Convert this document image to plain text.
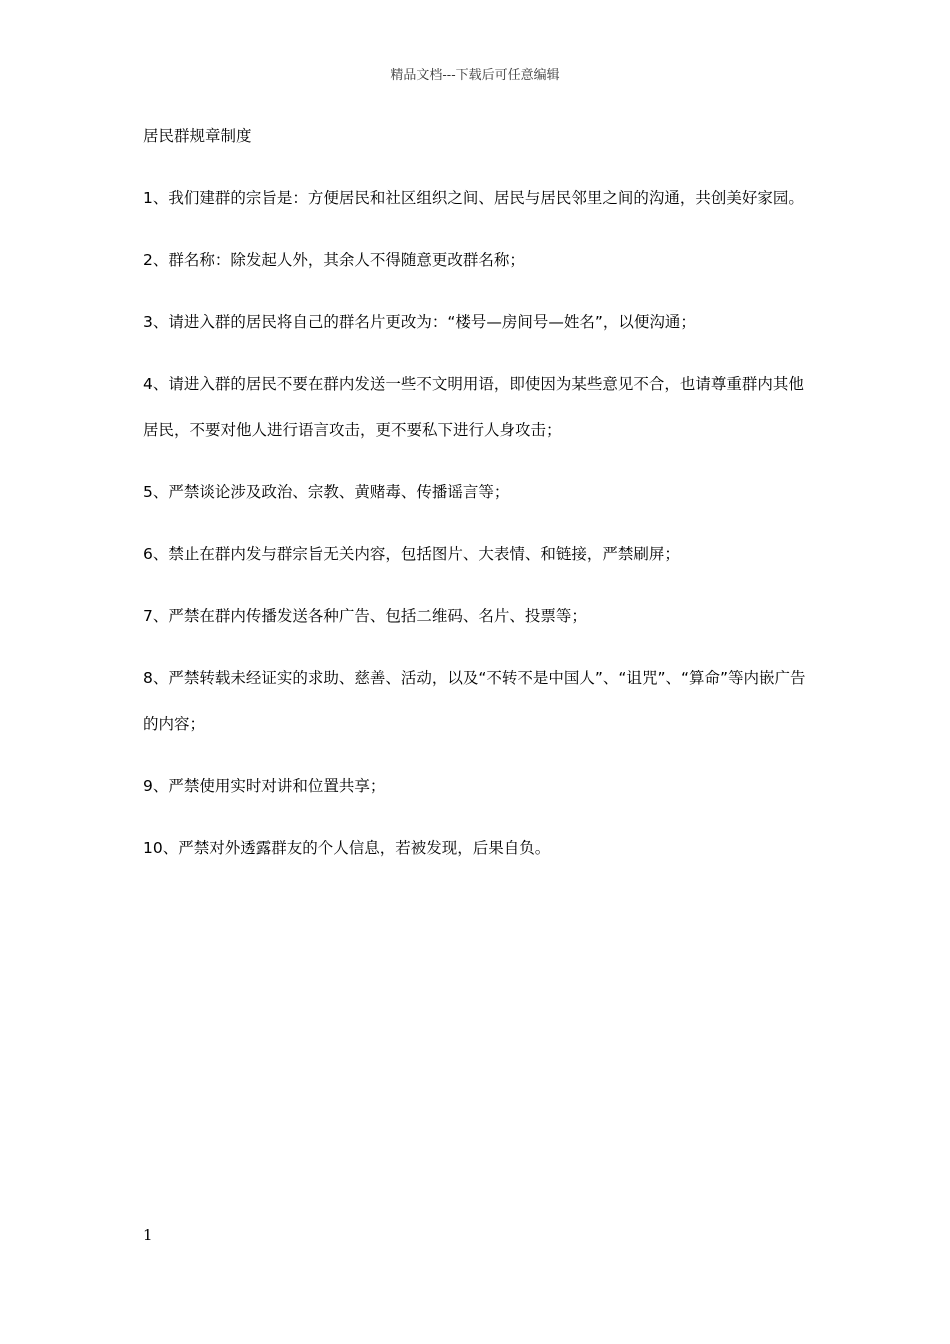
精品文档---下载后可任意编辑
居民群规章制度
1、我们建群的宗旨是：方便居民和社区组织之间、居民与居民邻里之间的沟通，共创美好家园。
2、群名称：除发起人外，其余人不得随意更改群名称；
3、请进入群的居民将自己的群名片更改为：“楼号—房间号—姓名”，以便沟通；
4、请进入群的居民不要在群内发送一些不文明用语，即使因为某些意见不合，也请尊重群内其他居民，不要对他人进行语言攻击，更不要私下进行人身攻击；
5、严禁谈论涉及政治、宗教、黄赌毒、传播谣言等；
6、禁止在群内发与群宗旨无关内容，包括图片、大表情、和链接，严禁刷屏；
7、严禁在群内传播发送各种广告、包括二维码、名片、投票等；
8、严禁转载未经证实的求助、慈善、活动，以及“不转不是中国人”、“诅咒”、“算命”等内嵌广告的内容；
9、严禁使用实时对讲和位置共享；
10、严禁对外透露群友的个人信息，若被发现，后果自负。
1
